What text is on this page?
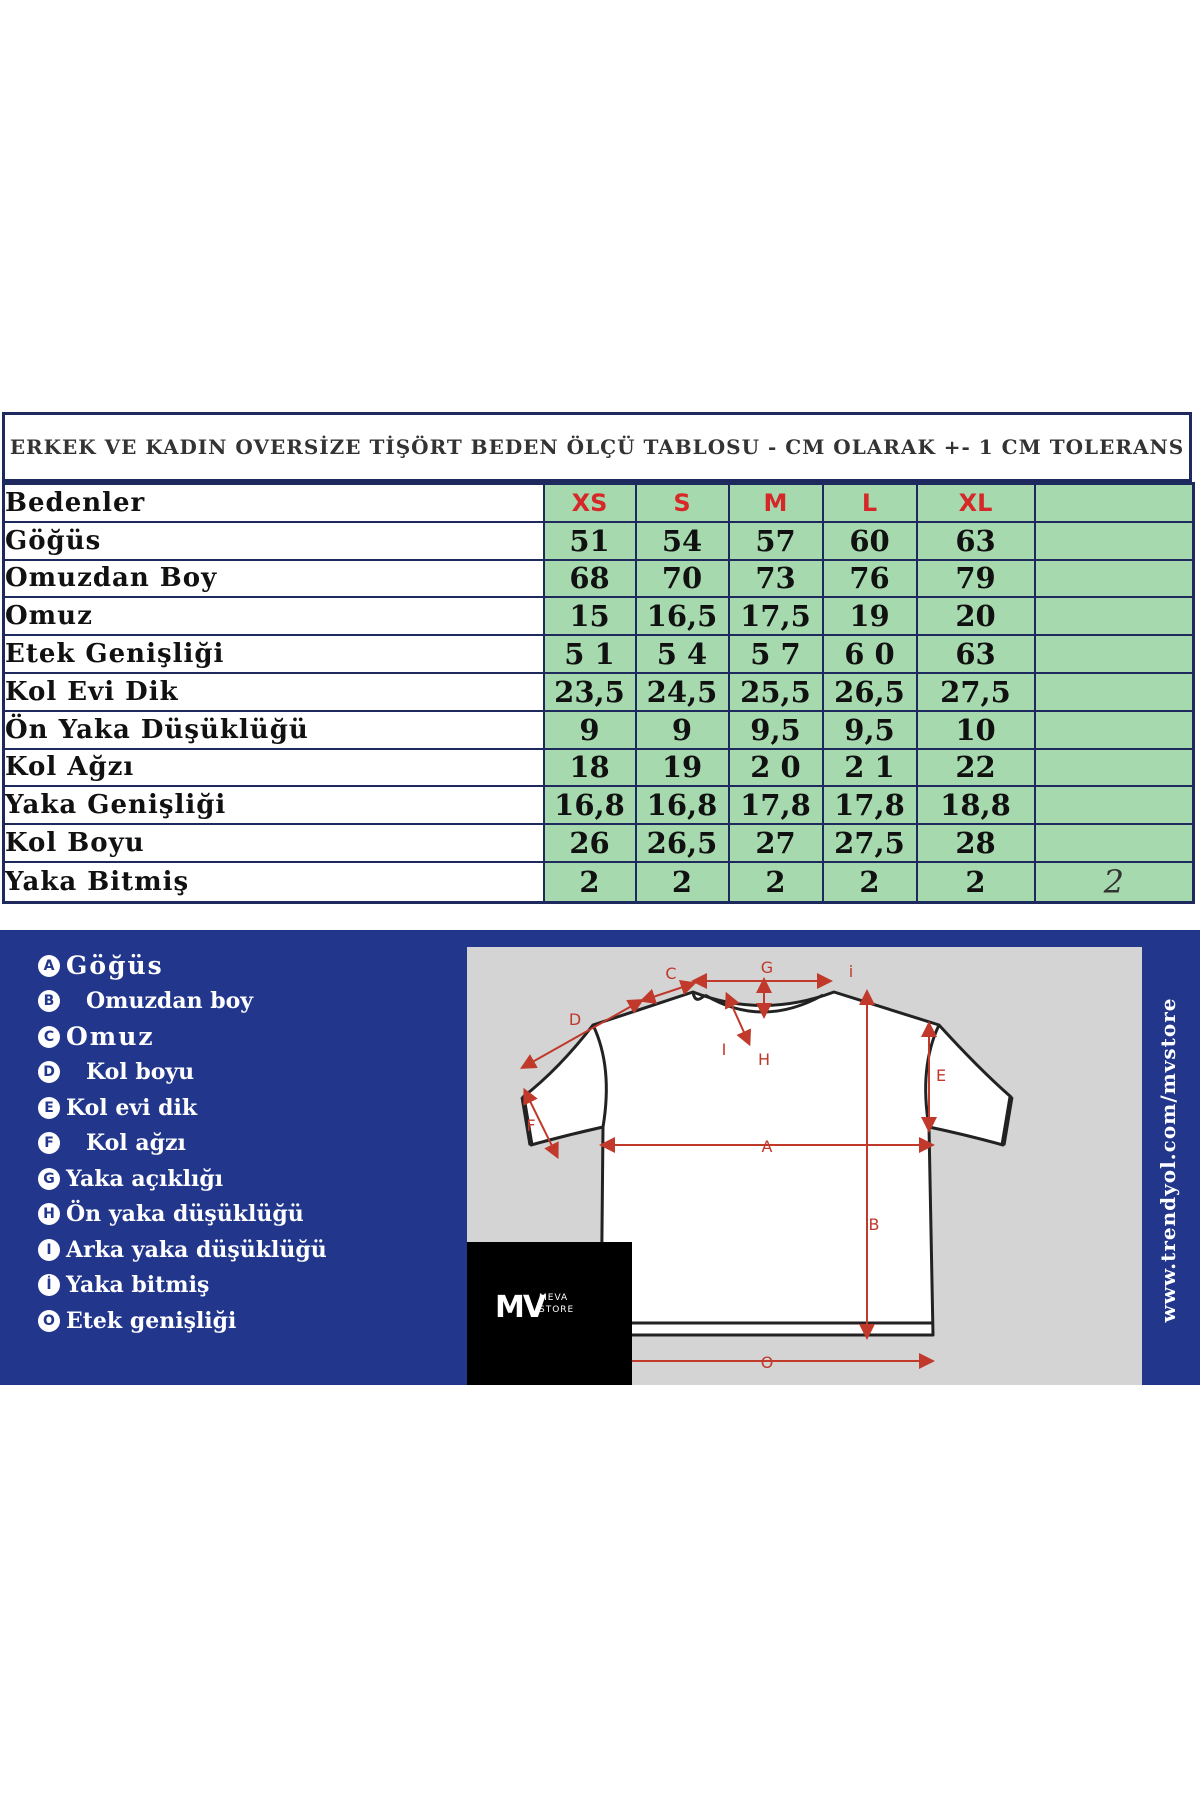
ERKEK VE KADIN OVERSİZE TİŞÖRT BEDEN ÖLÇÜ TABLOSU - CM OLARAK +- 1 CM TOLERANS
Bedenler	XS	S	M	L	XL	
Göğüs	51	54	57	60	63	
Omuzdan Boy	68	70	73	76	79	
Omuz	15	16,5	17,5	19	20	
Etek Genişliği	5 1	5 4	5 7	6 0	63	
Kol Evi Dik	23,5	24,5	25,5	26,5	27,5	
Ön Yaka Düşüklüğü	9	9	9,5	9,5	10	
Kol Ağzı	18	19	2 0	2 1	22	
Yaka Genişliği	16,8	16,8	17,8	17,8	18,8	
Kol Boyu	26	26,5	27	27,5	28	
Yaka Bitmiş	2	2	2	2	2	2
A Göğüs
B Omuzdan boy
C Omuz
D Kol boyu
E Kol evi dik
F Kol ağzı
G Yaka açıklığı
H Ön yaka düşüklüğü
I Arka yaka düşüklüğü
İ Yaka bitmiş
O Etek genişliği
A
B
C
D
E
F
G
H
I
i
O
MV
MEVA
STORE	www.trendyol.com/mvstore
